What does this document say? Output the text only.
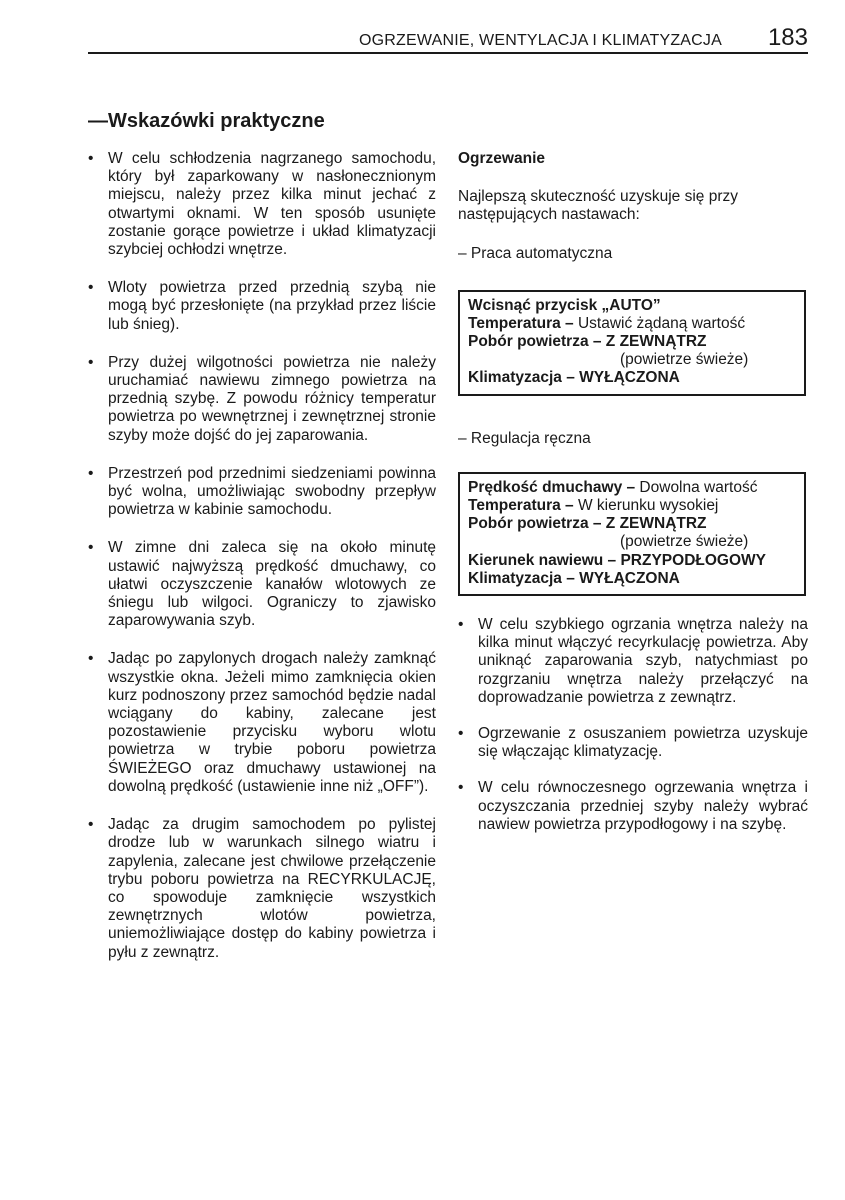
OGRZEWANIE, WENTYLACJA I KLIMATYZACJA 183
—Wskazówki praktyczne
• W celu schłodzenia nagrzanego samochodu, który był zaparkowany w nasłonecznionym miejscu, należy przez kilka minut jechać z otwartymi oknami. W ten sposób usunięte zostanie gorące powietrze i układ klimatyzacji szybciej ochłodzi wnętrze.
• Wloty powietrza przed przednią szybą nie mogą być przesłonięte (na przykład przez liście lub śnieg).
• Przy dużej wilgotności powietrza nie należy uruchamiać nawiewu zimnego powietrza na przednią szybę. Z powodu różnicy temperatur powietrza po wewnętrznej i zewnętrznej stronie szyby może dojść do jej zaparowania.
• Przestrzeń pod przednimi siedzeniami powinna być wolna, umożliwiając swobodny przepływ powietrza w kabinie samochodu.
• W zimne dni zaleca się na około minutę ustawić najwyższą prędkość dmuchawy, co ułatwi oczyszczenie kanałów wlotowych ze śniegu lub wilgoci. Ograniczy to zjawisko zaparowywania szyb.
• Jadąc po zapylonych drogach należy zamknąć wszystkie okna. Jeżeli mimo zamknięcia okien kurz podnoszony przez samochód będzie nadal wciągany do kabiny, zalecane jest pozostawienie przycisku wyboru wlotu powietrza w trybie poboru powietrza ŚWIEŻEGO oraz dmuchawy ustawionej na dowolną prędkość (ustawienie inne niż „OFF”).
• Jadąc za drugim samochodem po pylistej drodze lub w warunkach silnego wiatru i zapylenia, zalecane jest chwilowe przełączenie trybu poboru powietrza na RECYRKULACJĘ, co spowoduje zamknięcie wszystkich zewnętrznych wlotów powietrza, uniemożliwiające dostęp do kabiny powietrza i pyłu z zewnątrz.

Ogrzewanie

Najlepszą skuteczność uzyskuje się przy następujących nastawach:

– Praca automatyczna

Wcisnąć przycisk „AUTO”
Temperatura – Ustawić żądaną wartość
Pobór powietrza – Z ZEWNĄTRZ
(powietrze świeże)
Klimatyzacja – WYŁĄCZONA

– Regulacja ręczna

Prędkość dmuchawy – Dowolna wartość
Temperatura – W kierunku wysokiej
Pobór powietrza – Z ZEWNĄTRZ
(powietrze świeże)
Kierunek nawiewu – PRZYPODŁOGOWY
Klimatyzacja – WYŁĄCZONA
• W celu szybkiego ogrzania wnętrza należy na kilka minut włączyć recyrkulację powietrza. Aby uniknąć zaparowania szyb, natychmiast po rozgrzaniu wnętrza należy przełączyć na doprowadzanie powietrza z zewnątrz.
• Ogrzewanie z osuszaniem powietrza uzyskuje się włączając klimatyzację.
• W celu równoczesnego ogrzewania wnętrza i oczyszczania przedniej szyby należy wybrać nawiew powietrza przypodłogowy i na szybę.
